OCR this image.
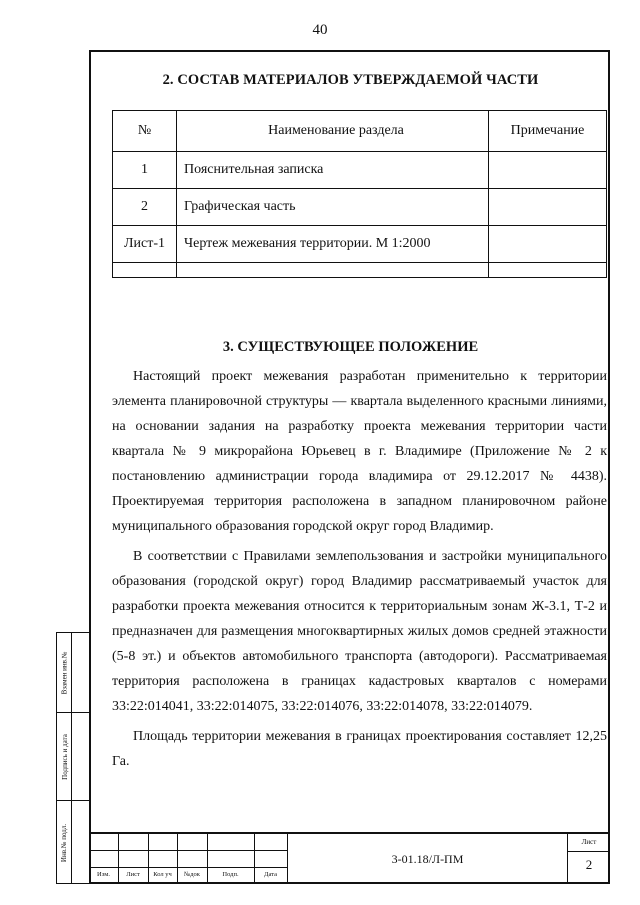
40
Взамен инв.№
Подпись и дата
Инв.№ подл.
2. СОСТАВ МАТЕРИАЛОВ УТВЕРЖДАЕМОЙ ЧАСТИ
№	Наименование раздела	Примечание
1	Пояснительная записка	
2	Графическая часть	
Лист-1	Чертеж межевания территории. М 1:2000	

3. СУЩЕСТВУЮЩЕЕ ПОЛОЖЕНИЕ

Настоящий проект межевания разработан применительно к территории элемента планировочной структуры — квартала выделенного красными линиями, на основании задания на разработку проекта межевания территории части квартала № 9 микрорайона Юрьевец в г. Владимире (Приложение № 2 к постановлению администрации города владимира от 29.12.2017 № 4438). Проектируемая территория расположена в западном планировочном районе муниципального образования городской округ город Владимир.

В соответствии с Правилами землепользования и застройки муниципального образования (городской округ) город Владимир рассматриваемый участок для разработки проекта межевания относится к территориальным зонам Ж-3.1, Т-2 и предназначен для размещения многоквартирных жилых домов средней этажности (5-8 эт.) и объектов автомобильного транспорта (автодороги). Рассматриваемая территория расположена в границах кадастровых кварталов с номерами 33:22:014041, 33:22:014075, 33:22:014076, 33:22:014078, 33:22:014079.

Площадь территории межевания в границах проектирования составляет 12,25 Га.

Изм.	Лист	Кол уч	№док	Подп.	Дата
3-01.18/Л-ПМ
Лист
2
